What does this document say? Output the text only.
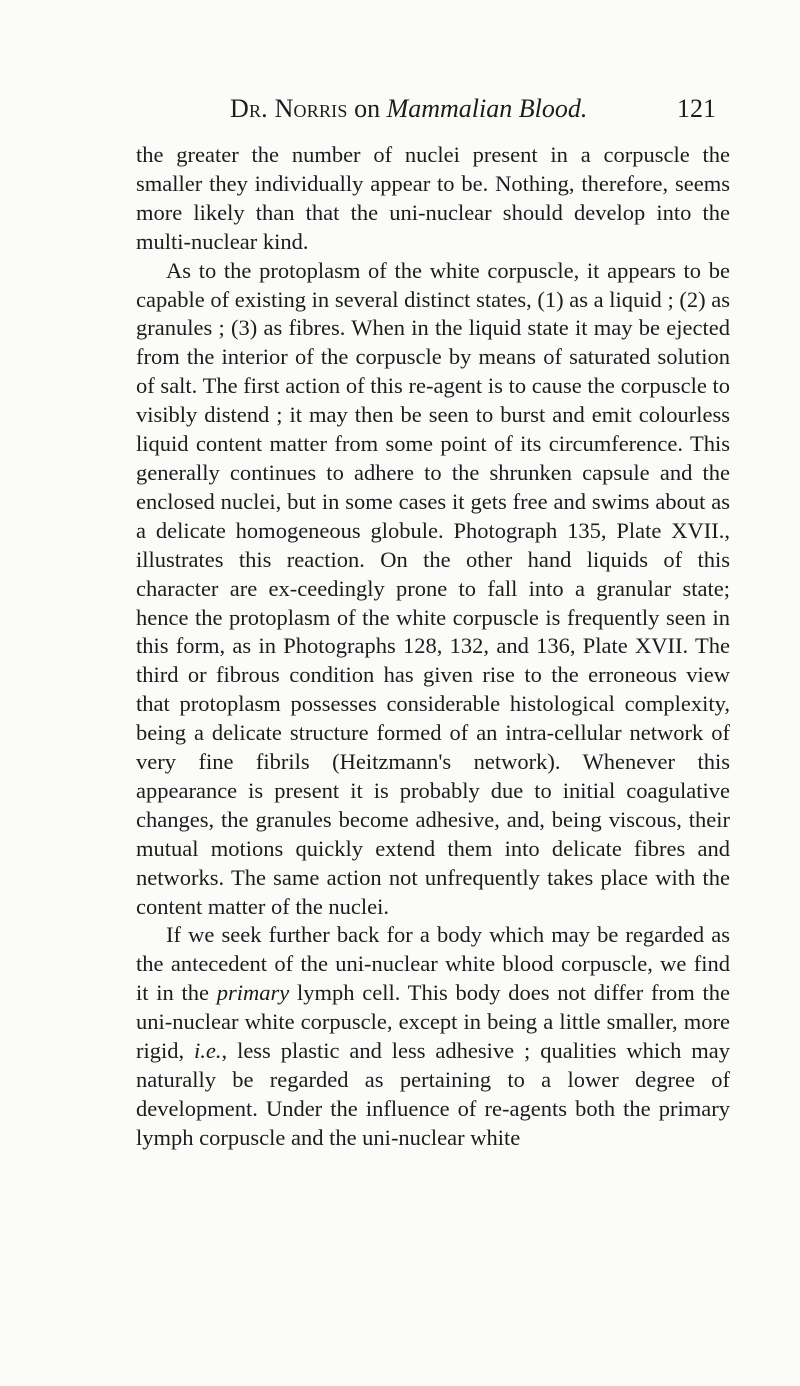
Dr. Norris on Mammalian Blood.	121

the greater the number of nuclei present in a corpuscle the smaller they individually appear to be. Nothing, therefore, seems more likely than that the uni-nuclear should develop into the multi-nuclear kind.

As to the protoplasm of the white corpuscle, it appears to be capable of existing in several distinct states, (1) as a liquid ; (2) as granules ; (3) as fibres. When in the liquid state it may be ejected from the interior of the corpuscle by means of saturated solution of salt. The first action of this re-agent is to cause the corpuscle to visibly distend ; it may then be seen to burst and emit colourless liquid content matter from some point of its circumference. This generally continues to adhere to the shrunken capsule and the enclosed nuclei, but in some cases it gets free and swims about as a delicate homogeneous globule. Photograph 135, Plate XVII., illustrates this reaction. On the other hand liquids of this character are ex-ceedingly prone to fall into a granular state; hence the protoplasm of the white corpuscle is frequently seen in this form, as in Photographs 128, 132, and 136, Plate XVII. The third or fibrous condition has given rise to the erroneous view that protoplasm possesses considerable histological complexity, being a delicate structure formed of an intra-cellular network of very fine fibrils (Heitzmann's network). Whenever this appearance is present it is probably due to initial coagulative changes, the granules become adhesive, and, being viscous, their mutual motions quickly extend them into delicate fibres and networks. The same action not unfrequently takes place with the content matter of the nuclei.

If we seek further back for a body which may be regarded as the antecedent of the uni-nuclear white blood corpuscle, we find it in the primary lymph cell. This body does not differ from the uni-nuclear white corpuscle, except in being a little smaller, more rigid, i.e., less plastic and less adhesive ; qualities which may naturally be regarded as pertaining to a lower degree of development. Under the influence of re-agents both the primary lymph corpuscle and the uni-nuclear white
